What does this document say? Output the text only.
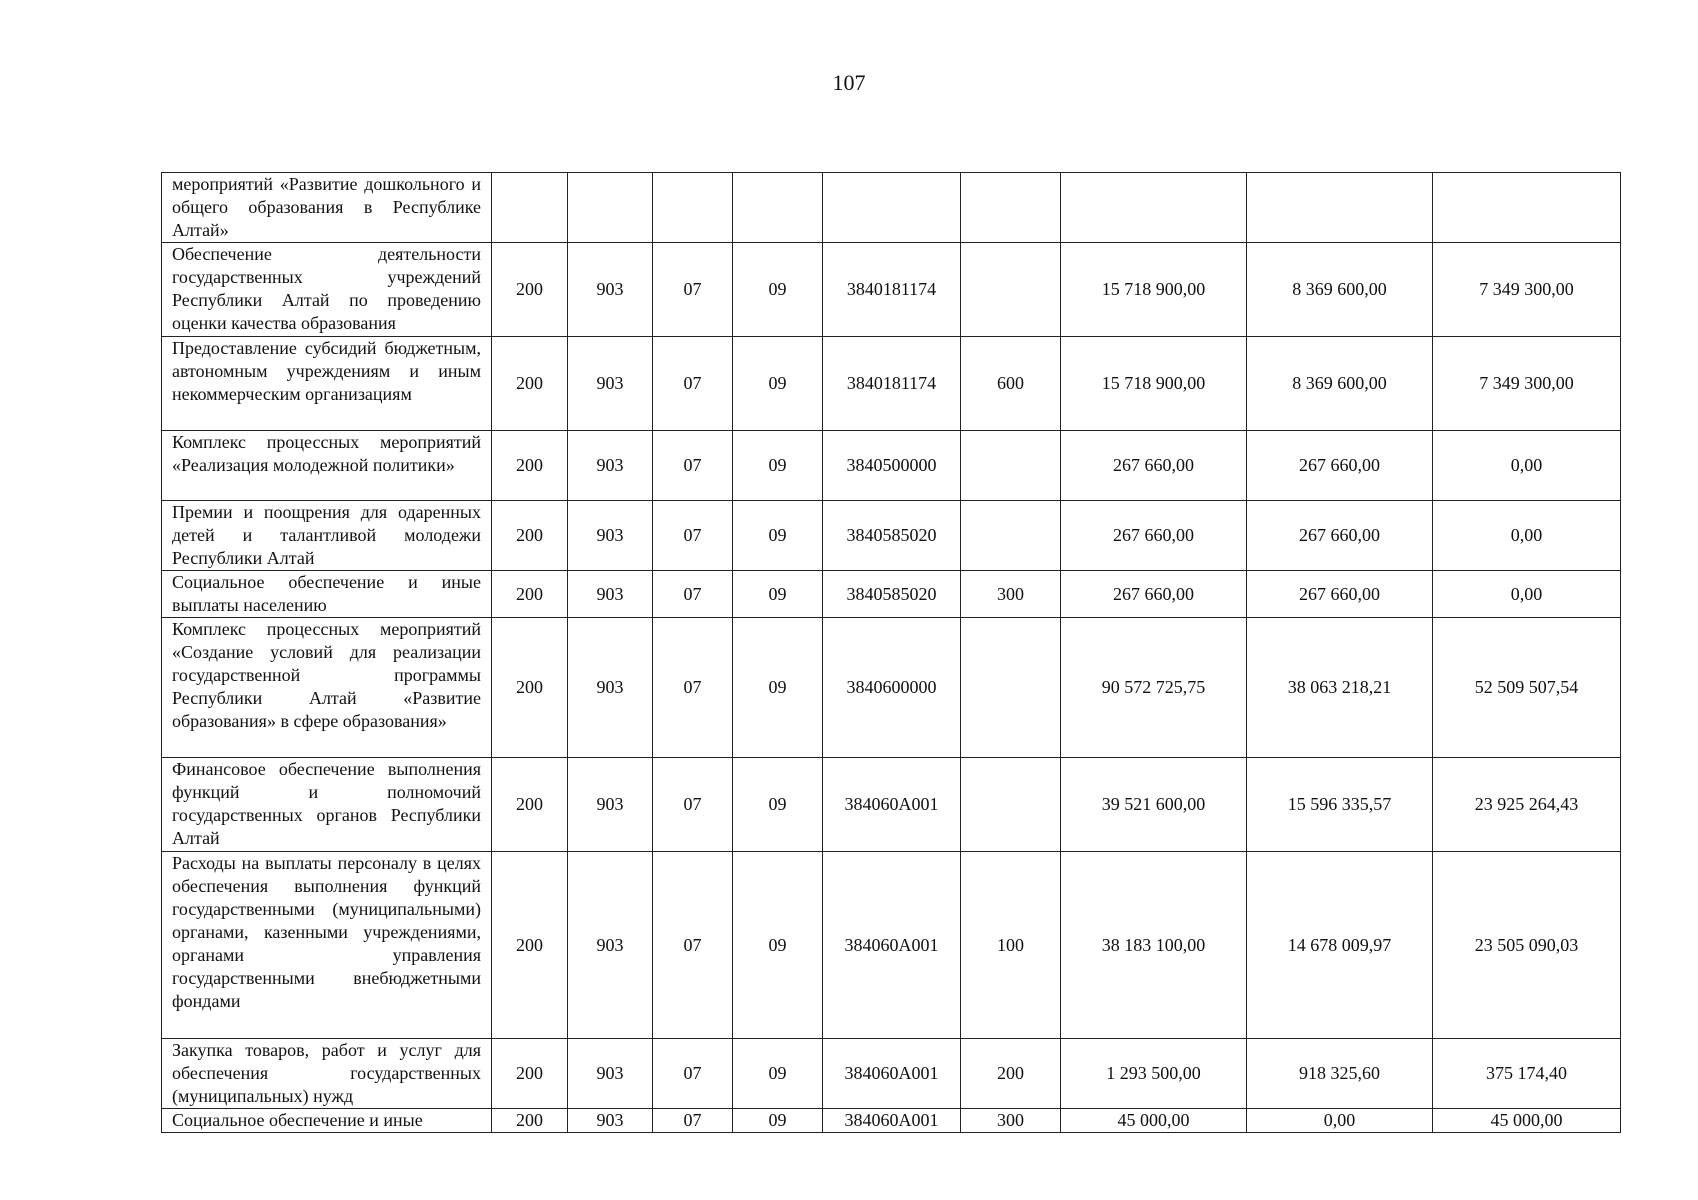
107
мероприятий «Развитие дошкольного и общего образования в Республике Алтай»									
Обеспечение деятельности государственных учреждений Республики Алтай по проведению оценки качества образования	200	903	07	09	3840181174		15 718 900,00	8 369 600,00	7 349 300,00
Предоставление субсидий бюджетным, автономным учреждениям и иным некоммерческим организациям	200	903	07	09	3840181174	600	15 718 900,00	8 369 600,00	7 349 300,00
Комплекс процессных мероприятий «Реализация молодежной политики»	200	903	07	09	3840500000		267 660,00	267 660,00	0,00
Премии и поощрения для одаренных детей и талантливой молодежи Республики Алтай	200	903	07	09	3840585020		267 660,00	267 660,00	0,00
Социальное обеспечение и иные выплаты населению	200	903	07	09	3840585020	300	267 660,00	267 660,00	0,00
Комплекс процессных мероприятий «Создание условий для реализации государственной программы Республики Алтай «Развитие образования» в сфере образования»	200	903	07	09	3840600000		90 572 725,75	38 063 218,21	52 509 507,54
Финансовое обеспечение выполнения функций и полномочий государственных органов Республики Алтай	200	903	07	09	384060А001		39 521 600,00	15 596 335,57	23 925 264,43
Расходы на выплаты персоналу в целях обеспечения выполнения функций государственными (муниципальными) органами, казенными учреждениями, органами управления государственными внебюджетными фондами	200	903	07	09	384060А001	100	38 183 100,00	14 678 009,97	23 505 090,03
Закупка товаров, работ и услуг для обеспечения государственных (муниципальных) нужд	200	903	07	09	384060А001	200	1 293 500,00	918 325,60	375 174,40
Социальное обеспечение и иные	200	903	07	09	384060А001	300	45 000,00	0,00	45 000,00
